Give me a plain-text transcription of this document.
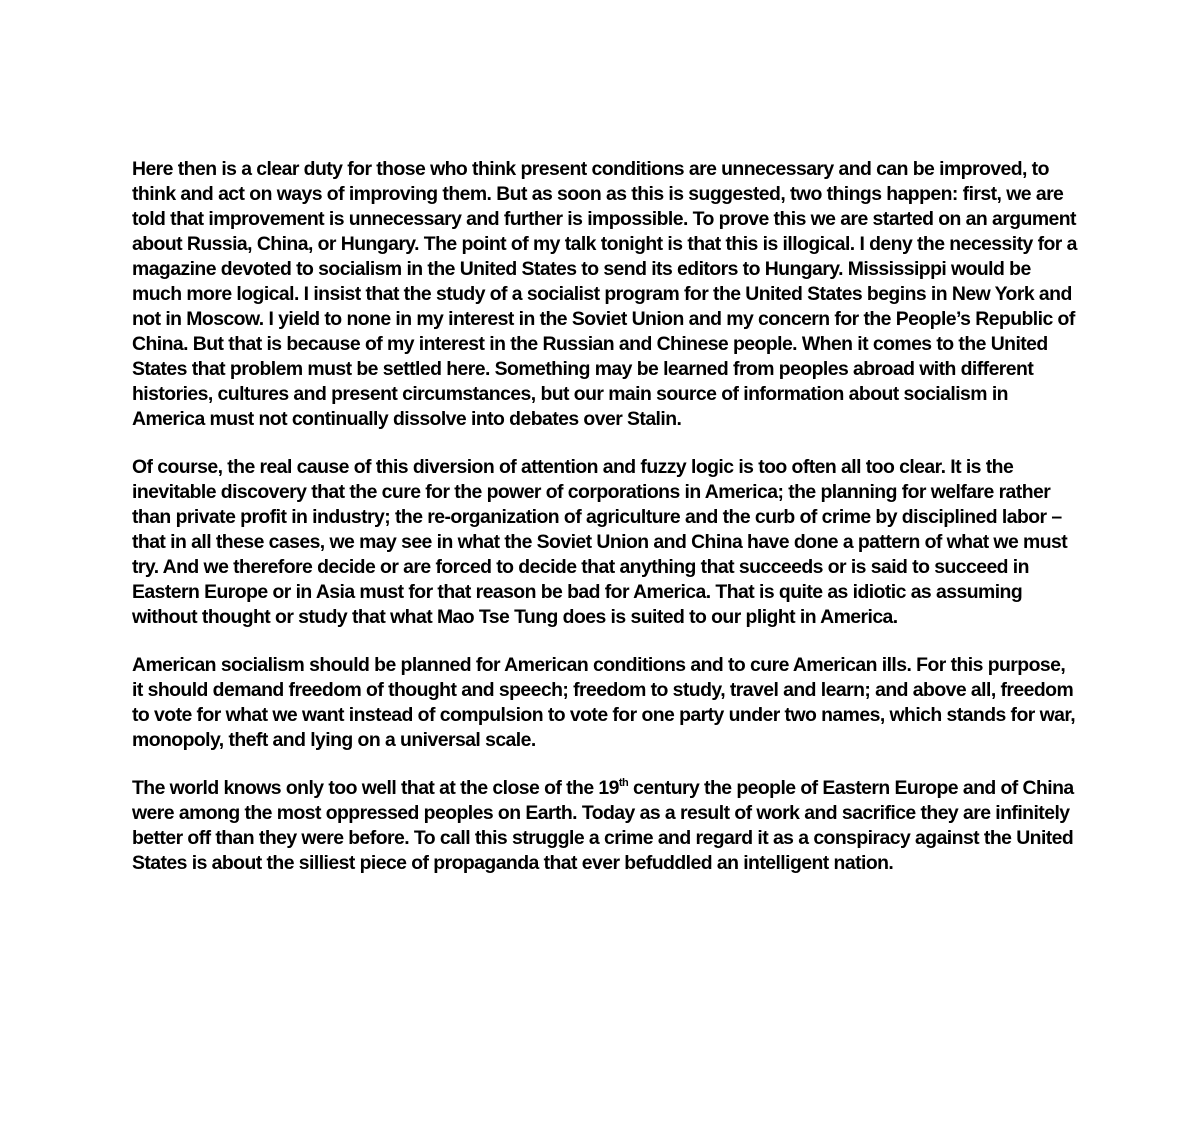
Here then is a clear duty for those who think present conditions are unnecessary and can be improved, to think and act on ways of improving them. But as soon as this is suggested, two things happen: first, we are told that improvement is unnecessary and further is impossible. To prove this we are started on an argument about Russia, China, or Hungary. The point of my talk tonight is that this is illogical. I deny the necessity for a magazine devoted to socialism in the United States to send its editors to Hungary. Mississippi would be much more logical. I insist that the study of a socialist program for the United States begins in New York and not in Moscow. I yield to none in my interest in the Soviet Union and my concern for the People’s Republic of China. But that is because of my interest in the Russian and Chinese people. When it comes to the United States that problem must be settled here. Something may be learned from peoples abroad with different histories, cultures and present circumstances, but our main source of information about socialism in America must not continually dissolve into debates over Stalin.

Of course, the real cause of this diversion of attention and fuzzy logic is too often all too clear. It is the inevitable discovery that the cure for the power of corporations in America; the planning for welfare rather than private profit in industry; the re-organization of agriculture and the curb of crime by disciplined labor – that in all these cases, we may see in what the Soviet Union and China have done a pattern of what we must try. And we therefore decide or are forced to decide that anything that succeeds or is said to succeed in Eastern Europe or in Asia must for that reason be bad for America. That is quite as idiotic as assuming without thought or study that what Mao Tse Tung does is suited to our plight in America.

American socialism should be planned for American conditions and to cure American ills. For this purpose, it should demand freedom of thought and speech; freedom to study, travel and learn; and above all, freedom to vote for what we want instead of compulsion to vote for one party under two names, which stands for war, monopoly, theft and lying on a universal scale.

The world knows only too well that at the close of the 19th century the people of Eastern Europe and of China were among the most oppressed peoples on Earth. Today as a result of work and sacrifice they are infinitely better off than they were before. To call this struggle a crime and regard it as a conspiracy against the United States is about the silliest piece of propaganda that ever befuddled an intelligent nation.
